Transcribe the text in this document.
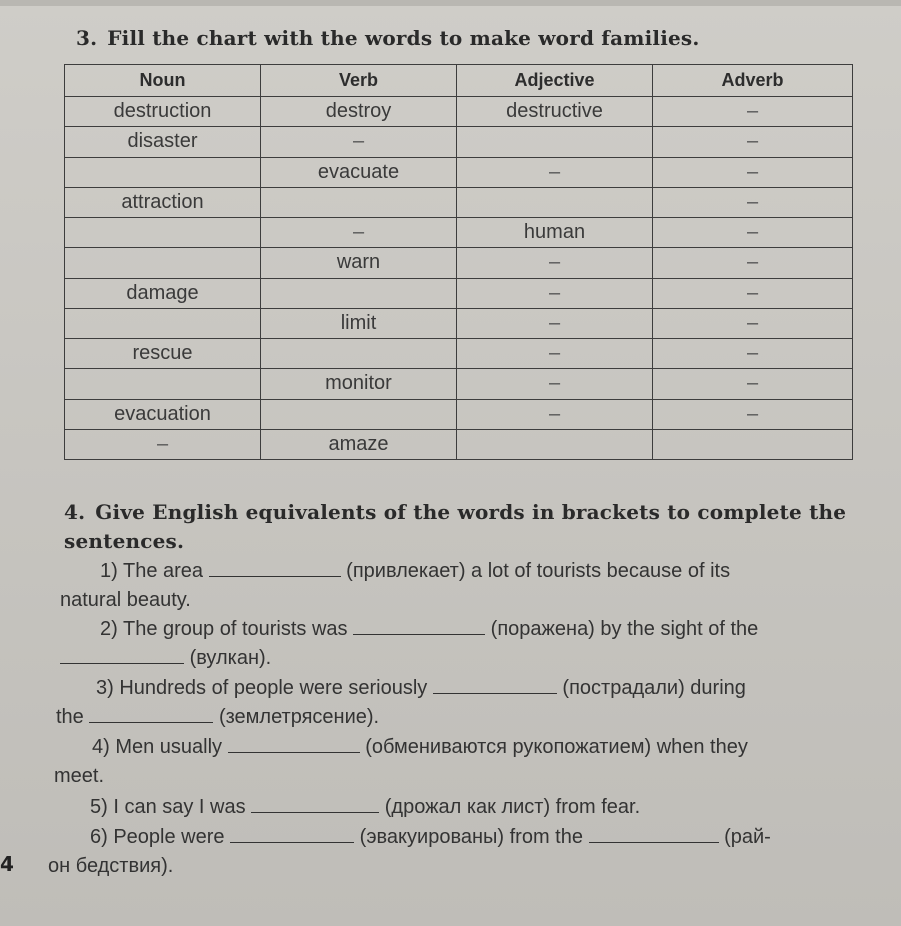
3. Fill the chart with the words to make word families.
Noun	Verb	Adjective	Adverb
destruction	destroy	destructive	–
disaster	–		–
	evacuate	–	–
attraction			–
	–	human	–
	warn	–	–
damage		–	–
	limit	–	–
rescue		–	–
	monitor	–	–
evacuation		–	–
–	amaze		
4. Give English equivalents of the words in brackets to complete the sentences.
1) The area	(привлекает) a lot of tourists because of its
natural beauty.
2) The group of tourists was	(поражена) by the sight of the
(вулкан).
3) Hundreds of people were seriously	(пострадали) during
the	(землетрясение).
4) Men usually	(обмениваются рукопожатием) when they
meet.
5) I can say I was	(дрожал как лист) from fear.
6) People were	(эвакуированы) from the	(рай-
он бедствия).
4
